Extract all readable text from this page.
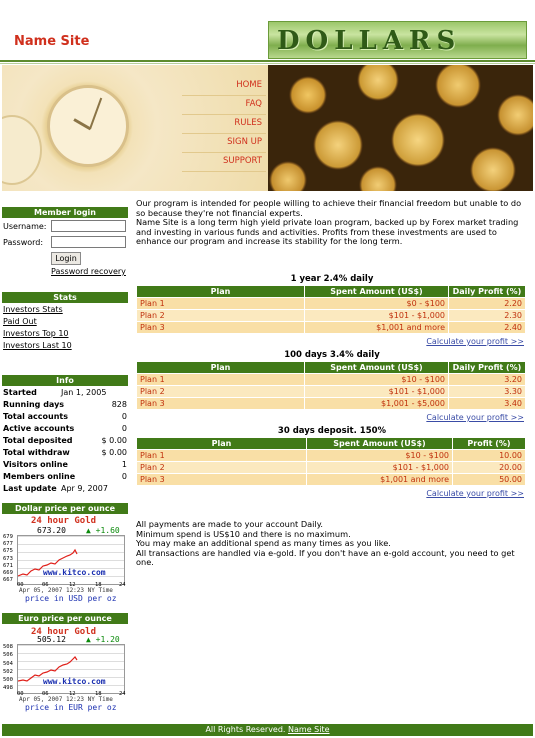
Name Site	DOLLARS
HOME
FAQ
RULES
SIGN UP
SUPPORT
Member login
Username:
Password:
Login
Password recovery
Stats
Investors Stats
Paid Out
Investors Top 10
Investors Last 10
Info
Started	Jan 1, 2005
Running days	828
Total accounts	0
Active accounts	0
Total deposited	$ 0.00
Total withdraw	$ 0.00
Visitors online	1
Members online	0
Last update Apr 9, 2007
Dollar price per ounce
24 hour Gold
673.20	▲ +1.60
679
677
675
673
671
669
667
www.kitco.com
00	06	12	18	24
Apr 05, 2007 12:23 NY Time
price in USD per oz
Euro price per ounce
24 hour Gold
505.12	▲ +1.20
508
506
504
502
500
498
www.kitco.com
00	06	12	18	24
Apr 05, 2007 12:23 NY Time
price in EUR per oz

Our program is intended for people willing to achieve their financial freedom but unable to do so because they're not financial experts.

Name Site is a long term high yield private loan program, backed up by Forex market trading and investing in various funds and activities. Profits from these investments are used to enhance our program and increase its stability for the long term.

1 year 2.4% daily
Plan	Spent Amount (US$)	Daily Profit (%)
Plan 1	$0 - $100	2.20
Plan 2	$101 - $1,000	2.30
Plan 3	$1,001 and more	2.40
Calculate your profit >>
100 days 3.4% daily
Plan	Spent Amount (US$)	Daily Profit (%)
Plan 1	$10 - $100	3.20
Plan 2	$101 - $1,000	3.30
Plan 3	$1,001 - $5,000	3.40
Calculate your profit >>
30 days deposit. 150%
Plan	Spent Amount (US$)	Profit (%)
Plan 1	$10 - $100	10.00
Plan 2	$101 - $1,000	20.00
Plan 3	$1,001 and more	50.00
Calculate your profit >>

All payments are made to your account Daily.

Minimum spend is US$10 and there is no maximum.

You may make an additional spend as many times as you like.

All transactions are handled via e-gold. If you don't have an e-gold account, you need to get one.

All Rights Reserved. Name Site
